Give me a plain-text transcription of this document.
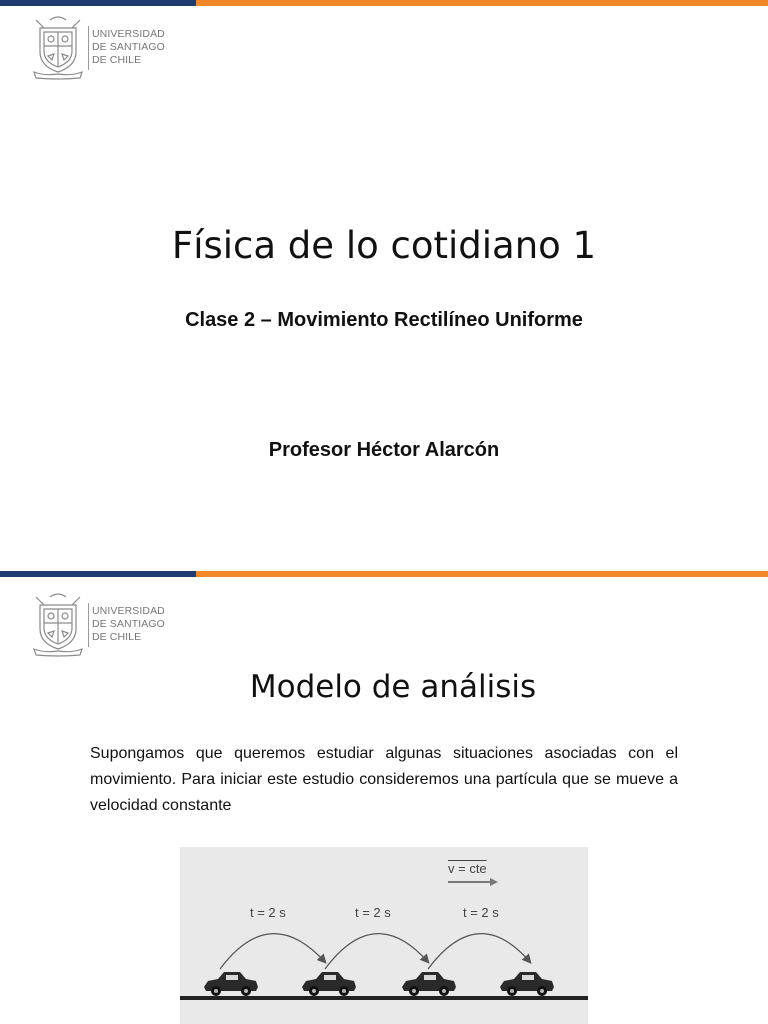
UNIVERSIDAD
DE SANTIAGO
DE CHILE
Física de lo cotidiano 1
Clase 2 – Movimiento Rectilíneo Uniforme
Profesor Héctor Alarcón
UNIVERSIDAD
DE SANTIAGO
DE CHILE
Modelo de análisis
Supongamos que queremos estudiar algunas situaciones asociadas con el movimiento. Para iniciar este estudio consideremos una partícula que se mueve a velocidad constante
v = cte
t = 2 s	t = 2 s	t = 2 s
